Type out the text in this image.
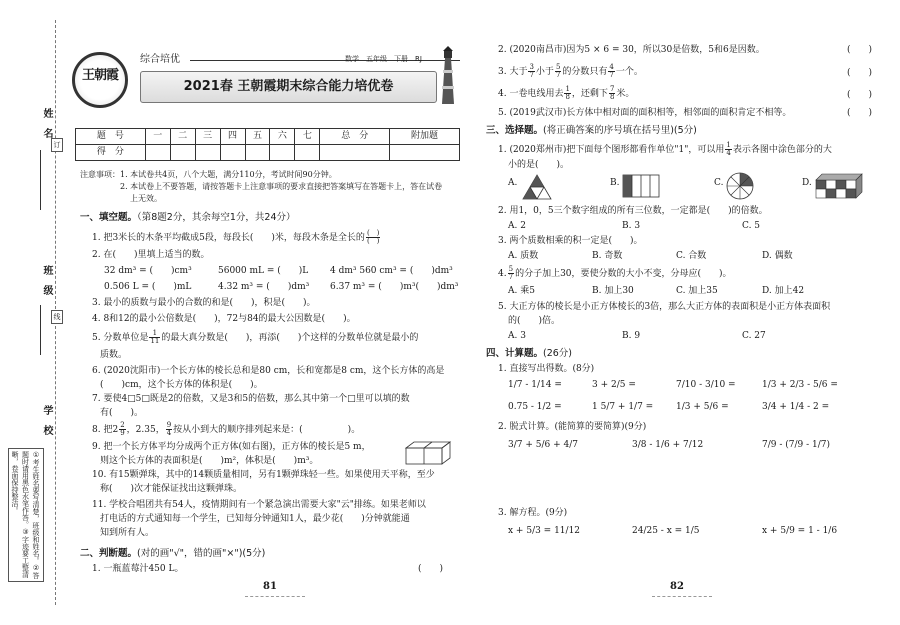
姓　名
班　级
学　校
订
线
①考生姓名要写清楚，班级和姓名。②答题时请用黑色水笔作答。③字迹要工整清晰，卷面保持整洁。
王朝霞
综合培优	数学　五年级　下册　RJ
2021春 王朝霞期末综合能力培优卷
题　号	一	二	三	四	五	六	七	总　分	附加题
得　分									
注意事项：1. 本试卷共4页，八个大题，满分110分，考试时间90分钟。
2. 本试卷上不要答题，请按答题卡上注意事项的要求直接把答案填写在答题卡上，答在试卷
上无效。
一、填空题。（第8题2分，其余每空1分，共24分）
1. 把3米长的木条平均截成5段，每段长(　　)米，每段木条是全长的 $\frac{( )}{( )}$
2. 在(　　)里填上适当的数。
32 dm³ = (　　)cm³	56000 mL = (　　)L 4 dm³ 560 cm³ = (　　)dm³
0.506 L = (　　)mL	4.32 m³ = (　　)dm³ 6.37 m³ = (　　)m³(　　)dm³
3. 最小的质数与最小的合数的和是(　　)，积是(　　)。
4. 8和12的最小公倍数是(　　)，72与84的最大公因数是(　　)。
5. 分数单位是 $\frac{1}{11}$ 的最大真分数是(　　)，再添(　　)个这样的分数单位就是最小的
质数。
6. (2020沈阳市)一个长方体的棱长总和是80 cm，长和宽都是8 cm，这个长方体的高是
(　　)cm，这个长方体的体积是(　　)。
7. 要使4□5□既是2的倍数，又是3和5的倍数，那么其中第一个□里可以填的数
有(　　)。
8. 把$2 \frac{2}{9}$ ，2.35， $\frac{9}{4}$ 按从小到大的顺序排列起来是：(　　　　　)。
9. 把一个长方体平均分成两个正方体(如右图)，正方体的棱长是5 m，
则这个长方体的表面积是(　　)m²，体积是(　　)m³。
10. 有15颗弹珠，其中的14颗质量相同，另有1颗弹珠轻一些。如果使用天平称，至少
称(　　)次才能保证找出这颗弹珠。
11. 学校合唱团共有54人，疫情期间有一个紧急演出需要大家"云"排练。如果老师以
打电话的方式通知每一个学生，已知每分钟通知1人，最少花(　　)分钟就能通
知到所有人。
二、判断题。(对的画"√"，错的画"×")(5分)
1. 一瓶蓝莓汁450 L。	(　　)
81
2. (2020南昌市)因为5 × 6 = 30，所以30是倍数，5和6是因数。	(　　)
3. 大于 $\frac{3}{7}$ 小于 $\frac{5}{7}$ 的分数只有 $\frac{4}{7}$ 一个。	(　　)
4. 一卷电线用去 $\frac{1}{8}$ ，还剩下 $\frac{7}{8}$ 米。	(　　)
5. (2019武汉市)长方体中相对面的面积相等，相邻面的面积肯定不相等。	(　　)
三、选择题。(将正确答案的序号填在括号里)(5分)
1. (2020郑州市)把下面每个图形都看作单位"1"，可以用 $\frac{1}{4}$ 表示各图中涂色部分的大
小的是(　　)。
A.	B.	C.	D.
2. 用1，0，5三个数字组成的所有三位数，一定都是(　　)的倍数。
A. 2	B. 3	C. 5
3. 两个质数相乘的积一定是(　　)。
A. 质数	B. 奇数	C. 合数	D. 偶数
4. $\frac{5}{7}$ 的分子加上30，要使分数的大小不变，分母应(　　)。
A. 乘5	B. 加上30	C. 加上35	D. 加上42
5. 大正方体的棱长是小正方体棱长的3倍，那么大正方体的表面积是小正方体表面积
的(　　)倍。
A. 3	B. 9	C. 27
四、计算题。(26分)
1. 直接写出得数。(8分)
1/7 - 1/14 =	3 + 2/5 =	7/10 - 3/10 =	1/3 + 2/3 - 5/6 =
0.75 - 1/2 =	1 5/7 + 1/7 =	1/3 + 5/6 =	3/4 + 1/4 - 2 =
2. 脱式计算。(能简算的要简算)(9分)
3/7 + 5/6 + 4/7	3/8 - 1/6 + 7/12	7/9 - (7/9 - 1/7)
3. 解方程。(9分)
x + 5/3 = 11/12	24/25 - x = 1/5	x + 5/9 = 1 - 1/6
82
